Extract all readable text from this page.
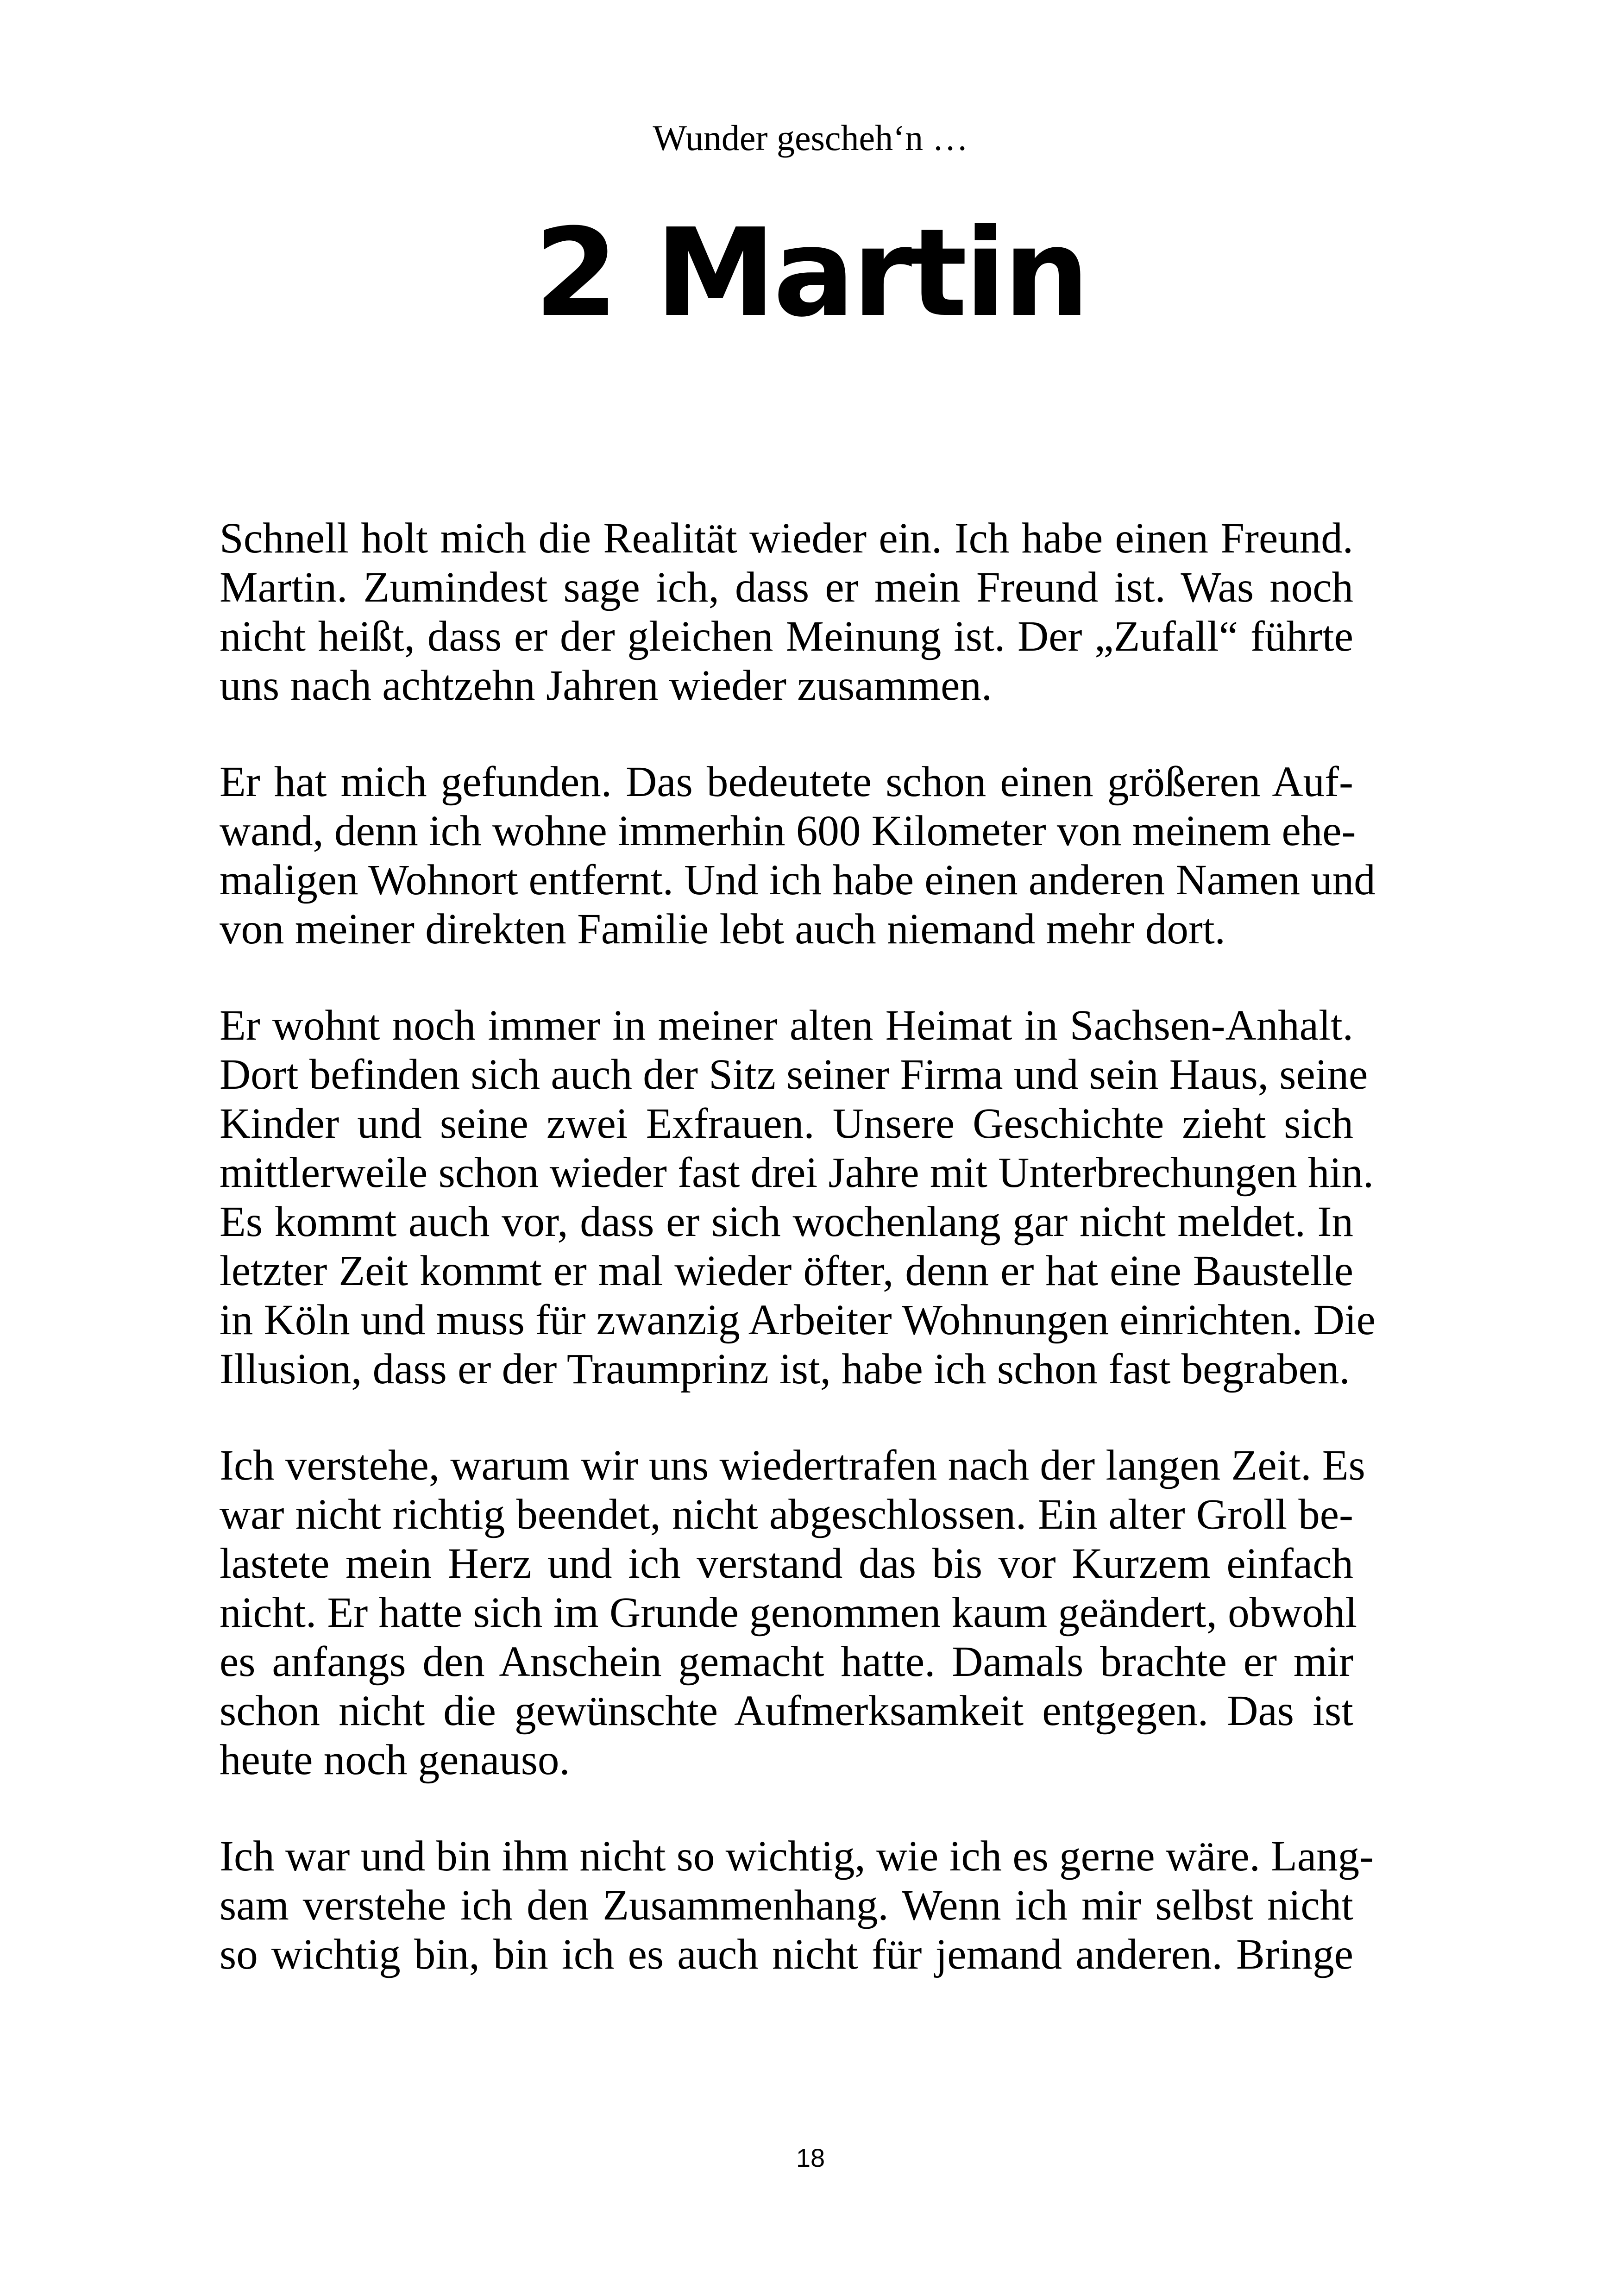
Wunder gescheh‘n …
2 Martin

Schnell holt mich die Realität wieder ein. Ich habe einen Freund.
Martin. Zumindest sage ich, dass er mein Freund ist. Was noch
nicht heißt, dass er der gleichen Meinung ist. Der „Zufall“ führte
uns nach achtzehn Jahren wieder zusammen.

Er hat mich gefunden. Das bedeutete schon einen größeren Auf-
wand, denn ich wohne immerhin 600 Kilometer von meinem ehe-
maligen Wohnort entfernt. Und ich habe einen anderen Namen und
von meiner direkten Familie lebt auch niemand mehr dort.

Er wohnt noch immer in meiner alten Heimat in Sachsen-Anhalt.
Dort befinden sich auch der Sitz seiner Firma und sein Haus, seine
Kinder und seine zwei Exfrauen. Unsere Geschichte zieht sich
mittlerweile schon wieder fast drei Jahre mit Unterbrechungen hin.
Es kommt auch vor, dass er sich wochenlang gar nicht meldet. In
letzter Zeit kommt er mal wieder öfter, denn er hat eine Baustelle
in Köln und muss für zwanzig Arbeiter Wohnungen einrichten. Die
Illusion, dass er der Traumprinz ist, habe ich schon fast begraben.

Ich verstehe, warum wir uns wiedertrafen nach der langen Zeit. Es
war nicht richtig beendet, nicht abgeschlossen. Ein alter Groll be-
lastete mein Herz und ich verstand das bis vor Kurzem einfach
nicht. Er hatte sich im Grunde genommen kaum geändert, obwohl
es anfangs den Anschein gemacht hatte. Damals brachte er mir
schon nicht die gewünschte Aufmerksamkeit entgegen. Das ist
heute noch genauso.

Ich war und bin ihm nicht so wichtig, wie ich es gerne wäre. Lang-
sam verstehe ich den Zusammenhang. Wenn ich mir selbst nicht
so wichtig bin, bin ich es auch nicht für jemand anderen. Bringe

18
